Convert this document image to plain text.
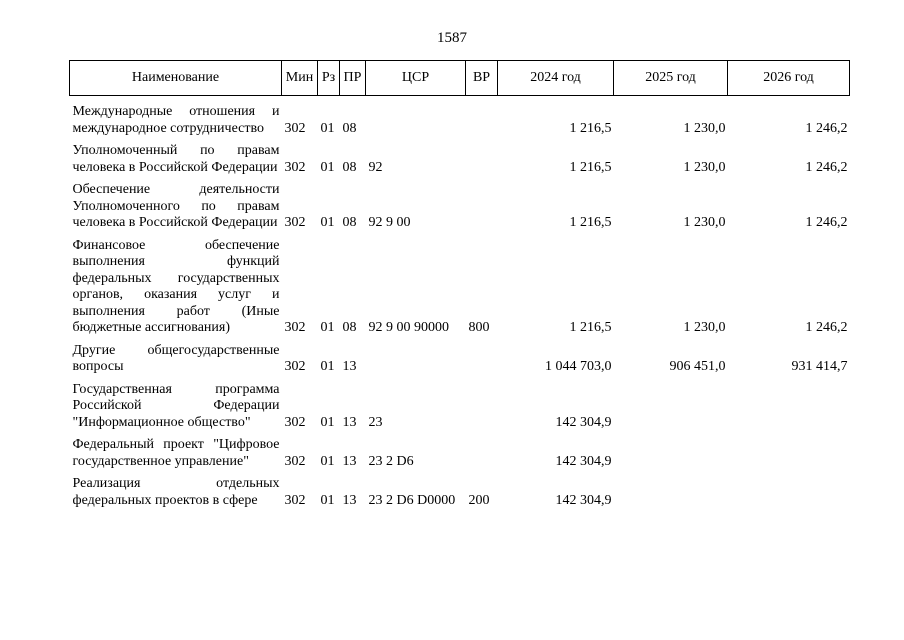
1587
Наименование	Мин	Рз	ПР	ЦСР	ВР	2024 год	2025 год	2026 год
Международные отношения и международное сотрудничество	302	01	08			1 216,5	1 230,0	1 246,2
Уполномоченный по правам человека в Российской Федерации	302	01	08	92		1 216,5	1 230,0	1 246,2
Обеспечение деятельности Уполномоченного по правам человека в Российской Федерации	302	01	08	92 9 00		1 216,5	1 230,0	1 246,2
Финансовое обеспечение выполнения функций федеральных государственных органов, оказания услуг и выполнения работ (Иные бюджетные ассигнования)	302	01	08	92 9 00 90000	800	1 216,5	1 230,0	1 246,2
Другие общегосударственные вопросы	302	01	13			1 044 703,0	906 451,0	931 414,7
Государственная программа Российской Федерации "Информационное общество"	302	01	13	23		142 304,9		
Федеральный проект "Цифровое государственное управление"	302	01	13	23 2 D6		142 304,9		
Реализация отдельных федеральных проектов в сфере	302	01	13	23 2 D6 D0000	200	142 304,9		
